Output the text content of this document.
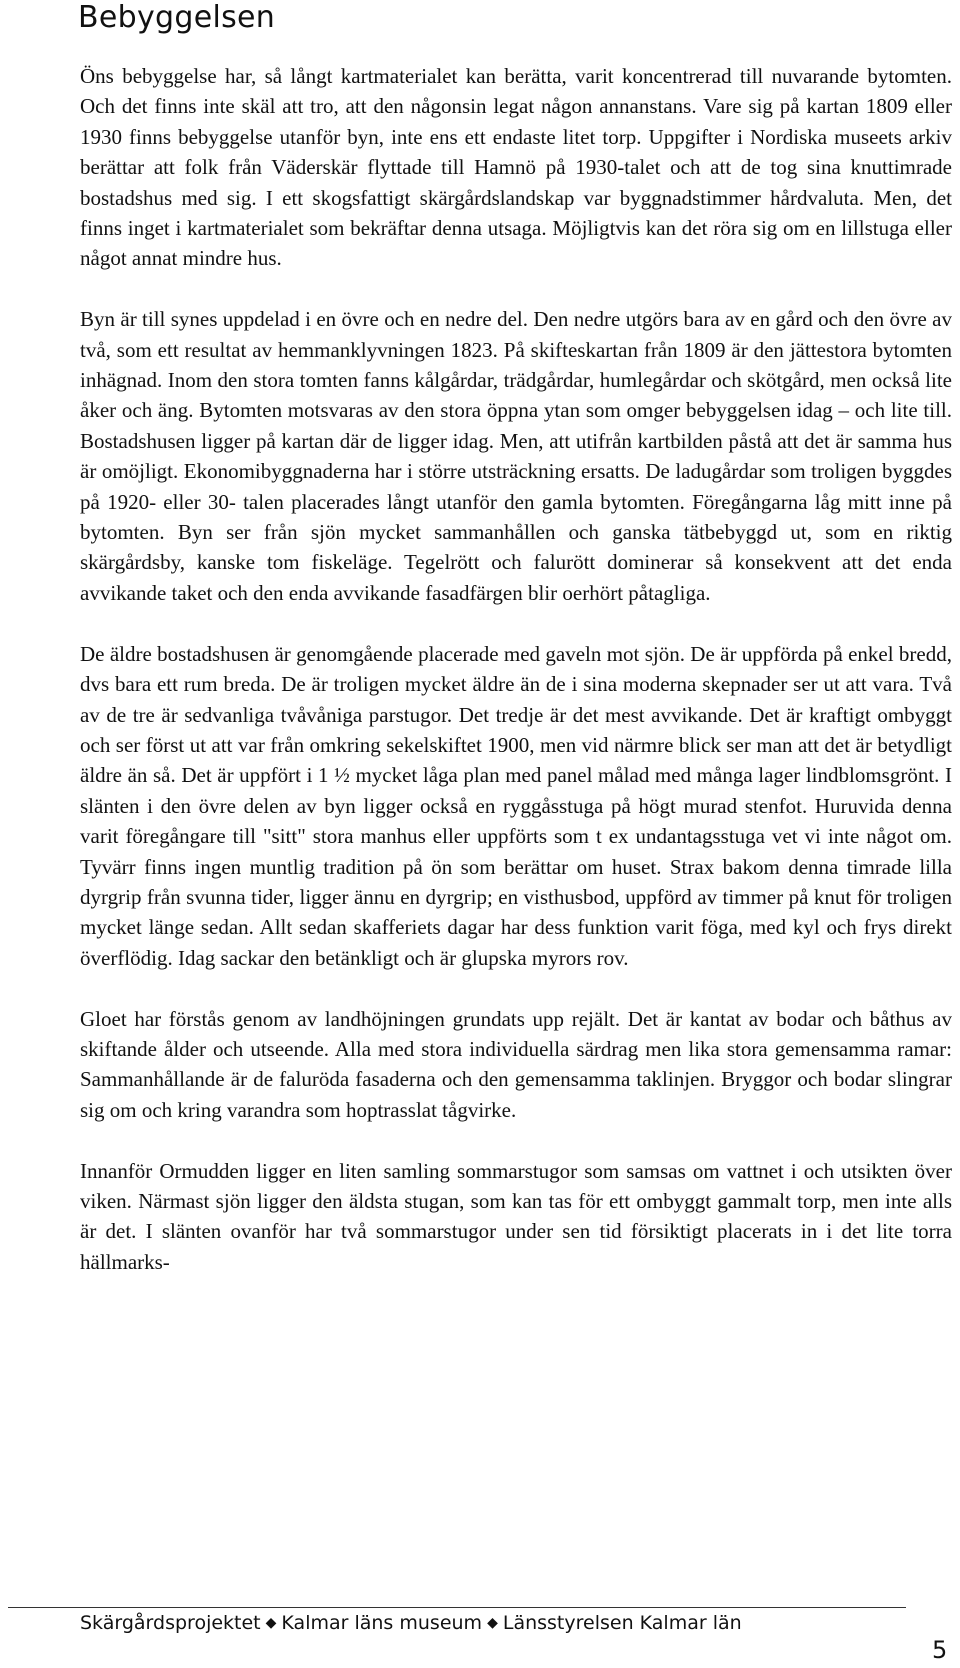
Bebyggelsen

Öns bebyggelse har, så långt kartmaterialet kan berätta, varit koncentrerad till nuvarande bytomten. Och det finns inte skäl att tro, att den någonsin legat någon annanstans. Vare sig på kartan 1809 eller 1930 finns bebyggelse utanför byn, inte ens ett endaste litet torp. Uppgifter i Nordiska museets arkiv berättar att folk från Väderskär flyttade till Hamnö på 1930-talet och att de tog sina knuttimrade bostadshus med sig. I ett skogsfattigt skärgårdslandskap var byggnadstimmer hårdvaluta. Men, det finns inget i kartmaterialet som bekräftar denna utsaga. Möjligtvis kan det röra sig om en lillstuga eller något annat mindre hus.

Byn är till synes uppdelad i en övre och en nedre del. Den nedre utgörs bara av en gård och den övre av två, som ett resultat av hemmanklyvningen 1823. På skifteskartan från 1809 är den jättestora bytomten inhägnad. Inom den stora tomten fanns kålgårdar, trädgårdar, humlegårdar och skötgård, men också lite åker och äng. Bytomten motsvaras av den stora öppna ytan som omger bebyggelsen idag – och lite till. Bostadshusen ligger på kartan där de ligger idag. Men, att utifrån kartbilden påstå att det är samma hus är omöjligt. Ekonomibyggnaderna har i större utsträckning ersatts. De ladugårdar som troligen byggdes på 1920- eller 30- talen placerades långt utanför den gamla bytomten. Föregångarna låg mitt inne på bytomten. Byn ser från sjön mycket sammanhållen och ganska tätbebyggd ut, som en riktig skärgårdsby, kanske tom fiskeläge. Tegelrött och falurött dominerar så konsekvent att det enda avvikande taket och den enda avvikande fasadfärgen blir oerhört påtagliga.

De äldre bostadshusen är genomgående placerade med gaveln mot sjön. De är uppförda på enkel bredd, dvs bara ett rum breda. De är troligen mycket äldre än de i sina moderna skepnader ser ut att vara. Två av de tre är sedvanliga tvåvåniga parstugor. Det tredje är det mest avvikande. Det är kraftigt ombyggt och ser först ut att var från omkring sekelskiftet 1900, men vid närmre blick ser man att det är betydligt äldre än så. Det är uppfört i 1 ½ mycket låga plan med panel målad med många lager lindblomsgrönt. I slänten i den övre delen av byn ligger också en ryggåsstuga på högt murad stenfot. Huruvida denna varit föregångare till "sitt" stora manhus eller uppförts som t ex undantagsstuga vet vi inte något om. Tyvärr finns ingen muntlig tradition på ön som berättar om huset. Strax bakom denna timrade lilla dyrgrip från svunna tider, ligger ännu en dyrgrip; en visthusbod, uppförd av timmer på knut för troligen mycket länge sedan. Allt sedan skafferiets dagar har dess funktion varit föga, med kyl och frys direkt överflödig. Idag sackar den betänkligt och är glupska myrors rov.

Gloet har förstås genom av landhöjningen grundats upp rejält. Det är kantat av bodar och båthus av skiftande ålder och utseende. Alla med stora individuella särdrag men lika stora gemensamma ramar: Sammanhållande är de faluröda fasaderna och den gemensamma taklinjen. Bryggor och bodar slingrar sig om och kring varandra som hoptrasslat tågvirke.

Innanför Ormudden ligger en liten samling sommarstugor som samsas om vattnet i och utsikten över viken. Närmast sjön ligger den äldsta stugan, som kan tas för ett ombyggt gammalt torp, men inte alls är det. I slänten ovanför har två sommarstugor under sen tid försiktigt placerats in i det lite torra hällmarks-

Skärgårdsprojektet ◆ Kalmar läns museum ◆ Länsstyrelsen Kalmar län
5
